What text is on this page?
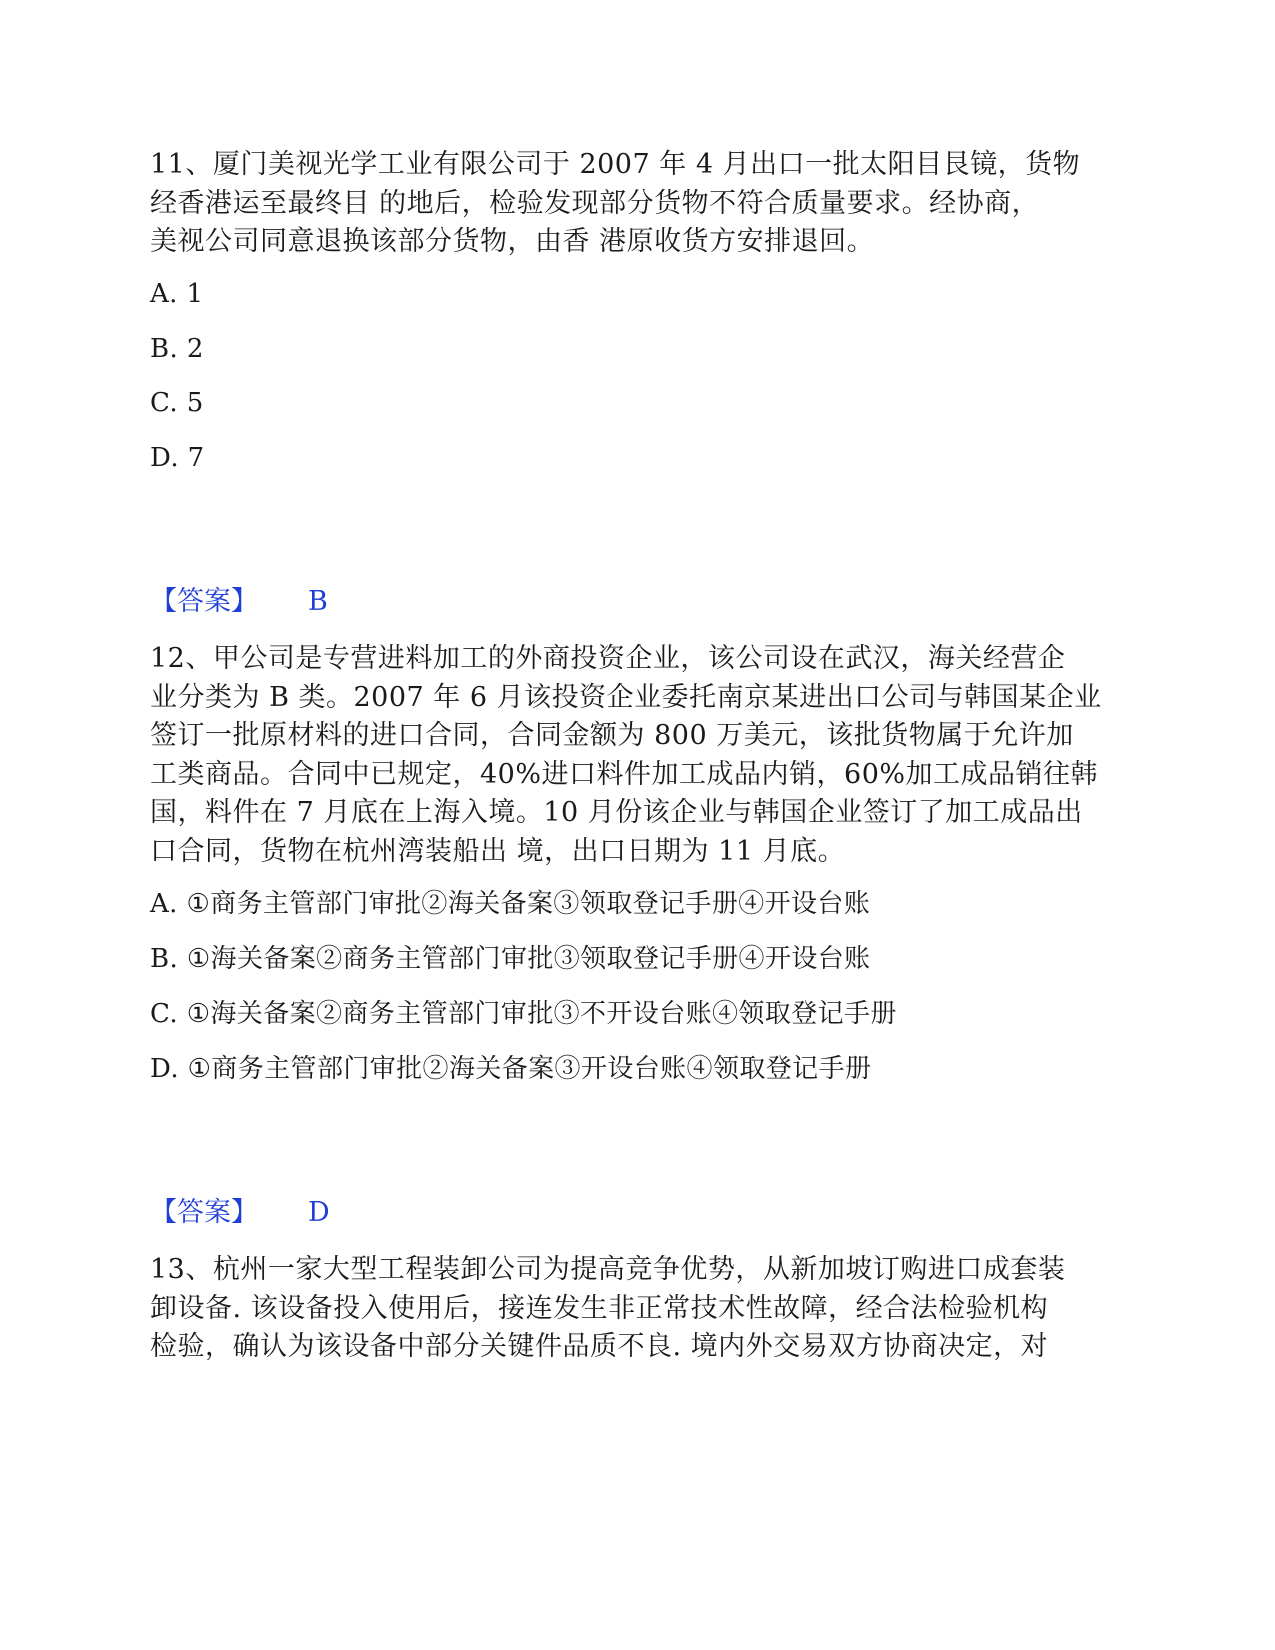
11、厦门美视光学工业有限公司于 2007 年 4 月出口一批太阳目艮镜，货物
经香港运至最终目 的地后，检验发现部分货物不符合质量要求。经协商，
美视公司同意退换该部分货物，由香 港原收货方安排退回。

A. 1
B. 2
C. 5
D. 7
【答案】 B

12、甲公司是专营进料加工的外商投资企业，该公司设在武汉，海关经营企
业分类为 B 类。2007 年 6 月该投资企业委托南京某进出口公司与韩国某企业
签订一批原材料的进口合同，合同金额为 800 万美元，该批货物属于允许加
工类商品。合同中已规定，40%进口料件加工成品内销，60%加工成品销往韩
国，料件在 7 月底在上海入境。10 月份该企业与韩国企业签订了加工成品出
口合同，货物在杭州湾装船出 境，出口日期为 11 月底。

A. ①商务主管部门审批②海关备案③领取登记手册④开设台账
B. ①海关备案②商务主管部门审批③领取登记手册④开设台账
C. ①海关备案②商务主管部门审批③不开设台账④领取登记手册
D. ①商务主管部门审批②海关备案③开设台账④领取登记手册
【答案】 D

13、杭州一家大型工程装卸公司为提高竞争优势，从新加坡订购进口成套装
卸设备. 该设备投入使用后，接连发生非正常技术性故障，经合法检验机构
检验，确认为该设备中部分关键件品质不良. 境内外交易双方协商决定，对
